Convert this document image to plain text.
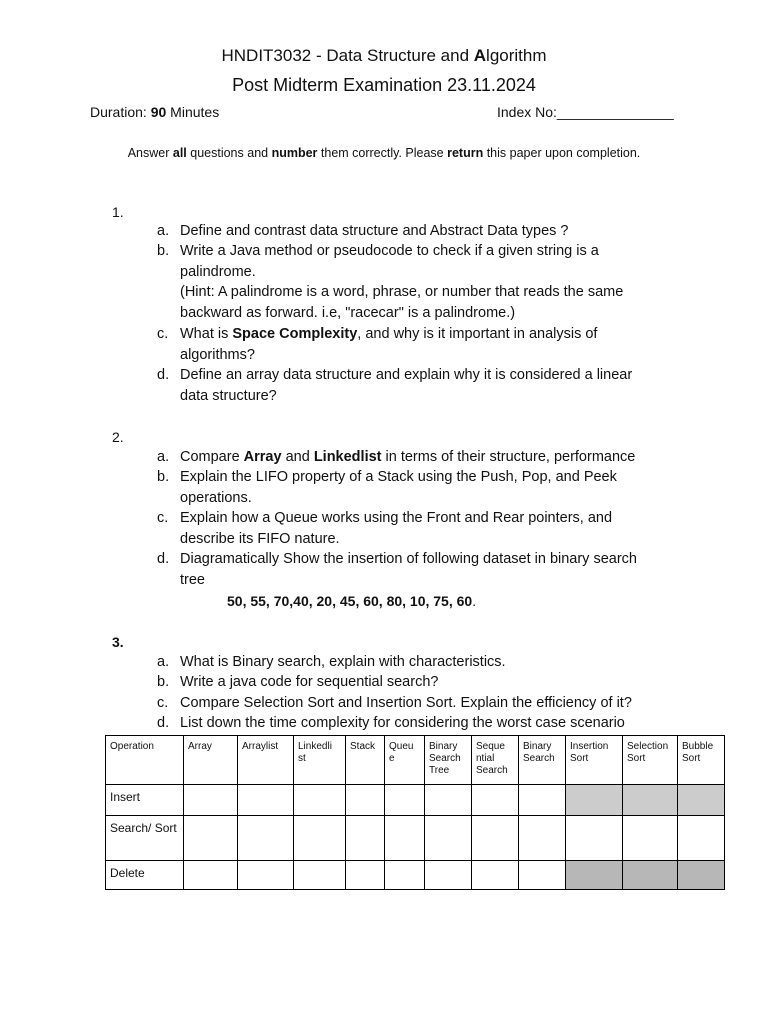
HNDIT3032 - Data Structure and Algorithm
Post Midterm Examination 23.11.2024
Duration: 90 Minutes	Index No:_______________
Answer all questions and number them correctly. Please return this paper upon completion.
1.
a. Define and contrast data structure and Abstract Data types ?
b. Write a Java method or pseudocode to check if a given string is a
palindrome.
(Hint: A palindrome is a word, phrase, or number that reads the same
backward as forward. i.e, "racecar" is a palindrome.)
c. What is Space Complexity, and why is it important in analysis of
algorithms?
d. Define an array data structure and explain why it is considered a linear
data structure?
2.
a. Compare Array and Linkedlist in terms of their structure, performance
b. Explain the LIFO property of a Stack using the Push, Pop, and Peek
operations.
c. Explain how a Queue works using the Front and Rear pointers, and
describe its FIFO nature.
d. Diagramatically Show the insertion of following dataset in binary search
tree
50, 55, 70,40, 20, 45, 60, 80, 10, 75, 60.
3.
a. What is Binary search, explain with characteristics.
b. Write a java code for sequential search?
c. Compare Selection Sort and Insertion Sort. Explain the efficiency of it?
d. List down the time complexity for considering the worst case scenario
Operation	Array	Arraylist	Linkedli st	Stack	Queu e	Binary Search Tree	Seque ntial Search	Binary Search	Insertion Sort	Selection Sort	Bubble Sort
Insert											
Search/ Sort											
Delete											
